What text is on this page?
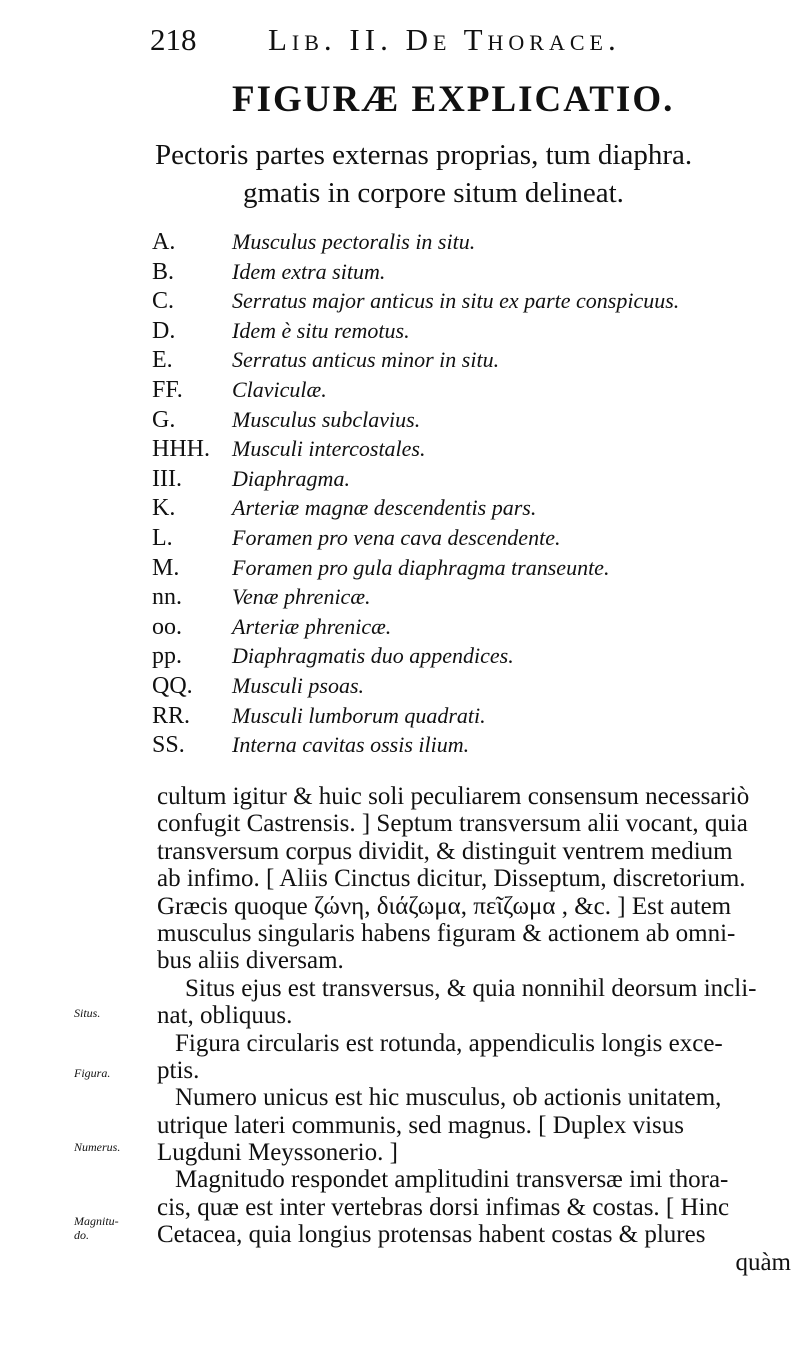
218 Lib. II. De Thorace.
FIGURÆ EXPLICATIO.
Pectoris partes externas proprias, tum diaphra.
gmatis in corpore situm delineat.
A.	Musculus pectoralis in situ.
B.	Idem extra situm.
C.	Serratus major anticus in situ ex parte conspicuus.
D.	Idem è situ remotus.
E.	Serratus anticus minor in situ.
FF.	Claviculæ.
G.	Musculus subclavius.
HHH.	Musculi intercostales.
III.	Diaphragma.
K.	Arteriæ magnæ descendentis pars.
L.	Foramen pro vena cava descendente.
M.	Foramen pro gula diaphragma transeunte.
nn.	Venæ phrenicæ.
oo.	Arteriæ phrenicæ.
pp.	Diaphragmatis duo appendices.
QQ.	Musculi psoas.
RR.	Musculi lumborum quadrati.
SS.	Interna cavitas ossis ilium.
cultum igitur & huic soli peculiarem consensum necessariò
confugit Castrensis. ] Septum transversum alii vocant, quia
transversum corpus dividit, & distinguit ventrem medium
ab infimo. [ Aliis Cinctus dicitur, Disseptum, discretorium.
Græcis quoque ζώνη, διάζωμα, πεῖζωμα , &c. ] Est autem
musculus singularis habens figuram & actionem ab omni-
bus aliis diversam.
Situs ejus est transversus, & quia nonnihil deorsum incli-
nat, obliquus.
Figura circularis est rotunda, appendiculis longis exce-
ptis.
Numero unicus est hic musculus, ob actionis unitatem,
utrique lateri communis, sed magnus. [ Duplex visus
Lugduni Meyssonerio. ]
Magnitudo respondet amplitudini transversæ imi thora-
cis, quæ est inter vertebras dorsi infimas & costas. [ Hinc
Cetacea, quia longius protensas habent costas & plures
quàm
Situs.
Figura.
Numerus.
Magnitu-
do.
